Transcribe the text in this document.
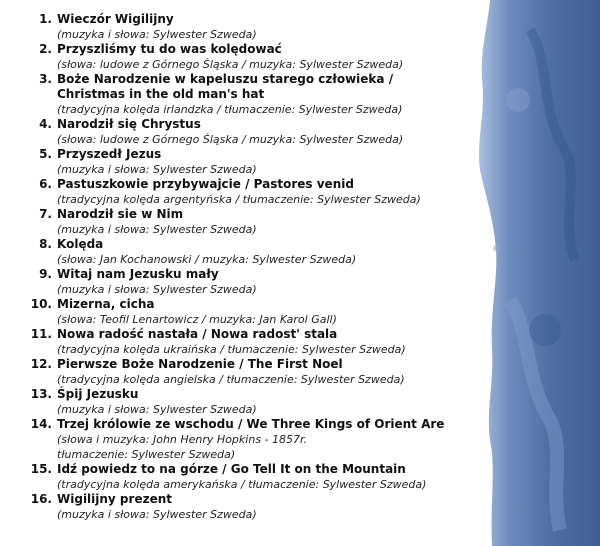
1. Wieczór Wigilijny
(muzyka i słowa: Sylwester Szweda)
2. Przyszliśmy tu do was kolędować
(słowa: ludowe z Górnego Śląska / muzyka: Sylwester Szweda)
3. Boże Narodzenie w kapeluszu starego człowieka /
Christmas in the old man's hat
(tradycyjna kolęda irlandzka / tłumaczenie: Sylwester Szweda)
4. Narodził się Chrystus
(słowa: ludowe z Górnego Śląska / muzyka: Sylwester Szweda)
5. Przyszedł Jezus
(muzyka i słowa: Sylwester Szweda)
6. Pastuszkowie przybywajcie / Pastores venid
(tradycyjna kolęda argentyńska / tłumaczenie: Sylwester Szweda)
7. Narodził sie w Nim
(muzyka i słowa: Sylwester Szweda)
8. Kolęda
(słowa: Jan Kochanowski / muzyka: Sylwester Szweda)
9. Witaj nam Jezusku mały
(muzyka i słowa: Sylwester Szweda)
10. Mizerna, cicha
(słowa: Teofil Lenartowicz / muzyka: Jan Karol Gall)
11. Nowa radość nastała / Nowa radost' stala
(tradycyjna kolęda ukraińska / tłumaczenie: Sylwester Szweda)
12. Pierwsze Boże Narodzenie / The First Noel
(tradycyjna kolęda angielska / tłumaczenie: Sylwester Szweda)
13. Śpij Jezusku
(muzyka i słowa: Sylwester Szweda)
14. Trzej królowie ze wschodu / We Three Kings of Orient Are
(słowa i muzyka: John Henry Hopkins - 1857r.
tłumaczenie: Sylwester Szweda)
15. Idź powiedz to na górze / Go Tell It on the Mountain
(tradycyjna kolęda amerykańska / tłumaczenie: Sylwester Szweda)
16. Wigilijny prezent
(muzyka i słowa: Sylwester Szweda)
